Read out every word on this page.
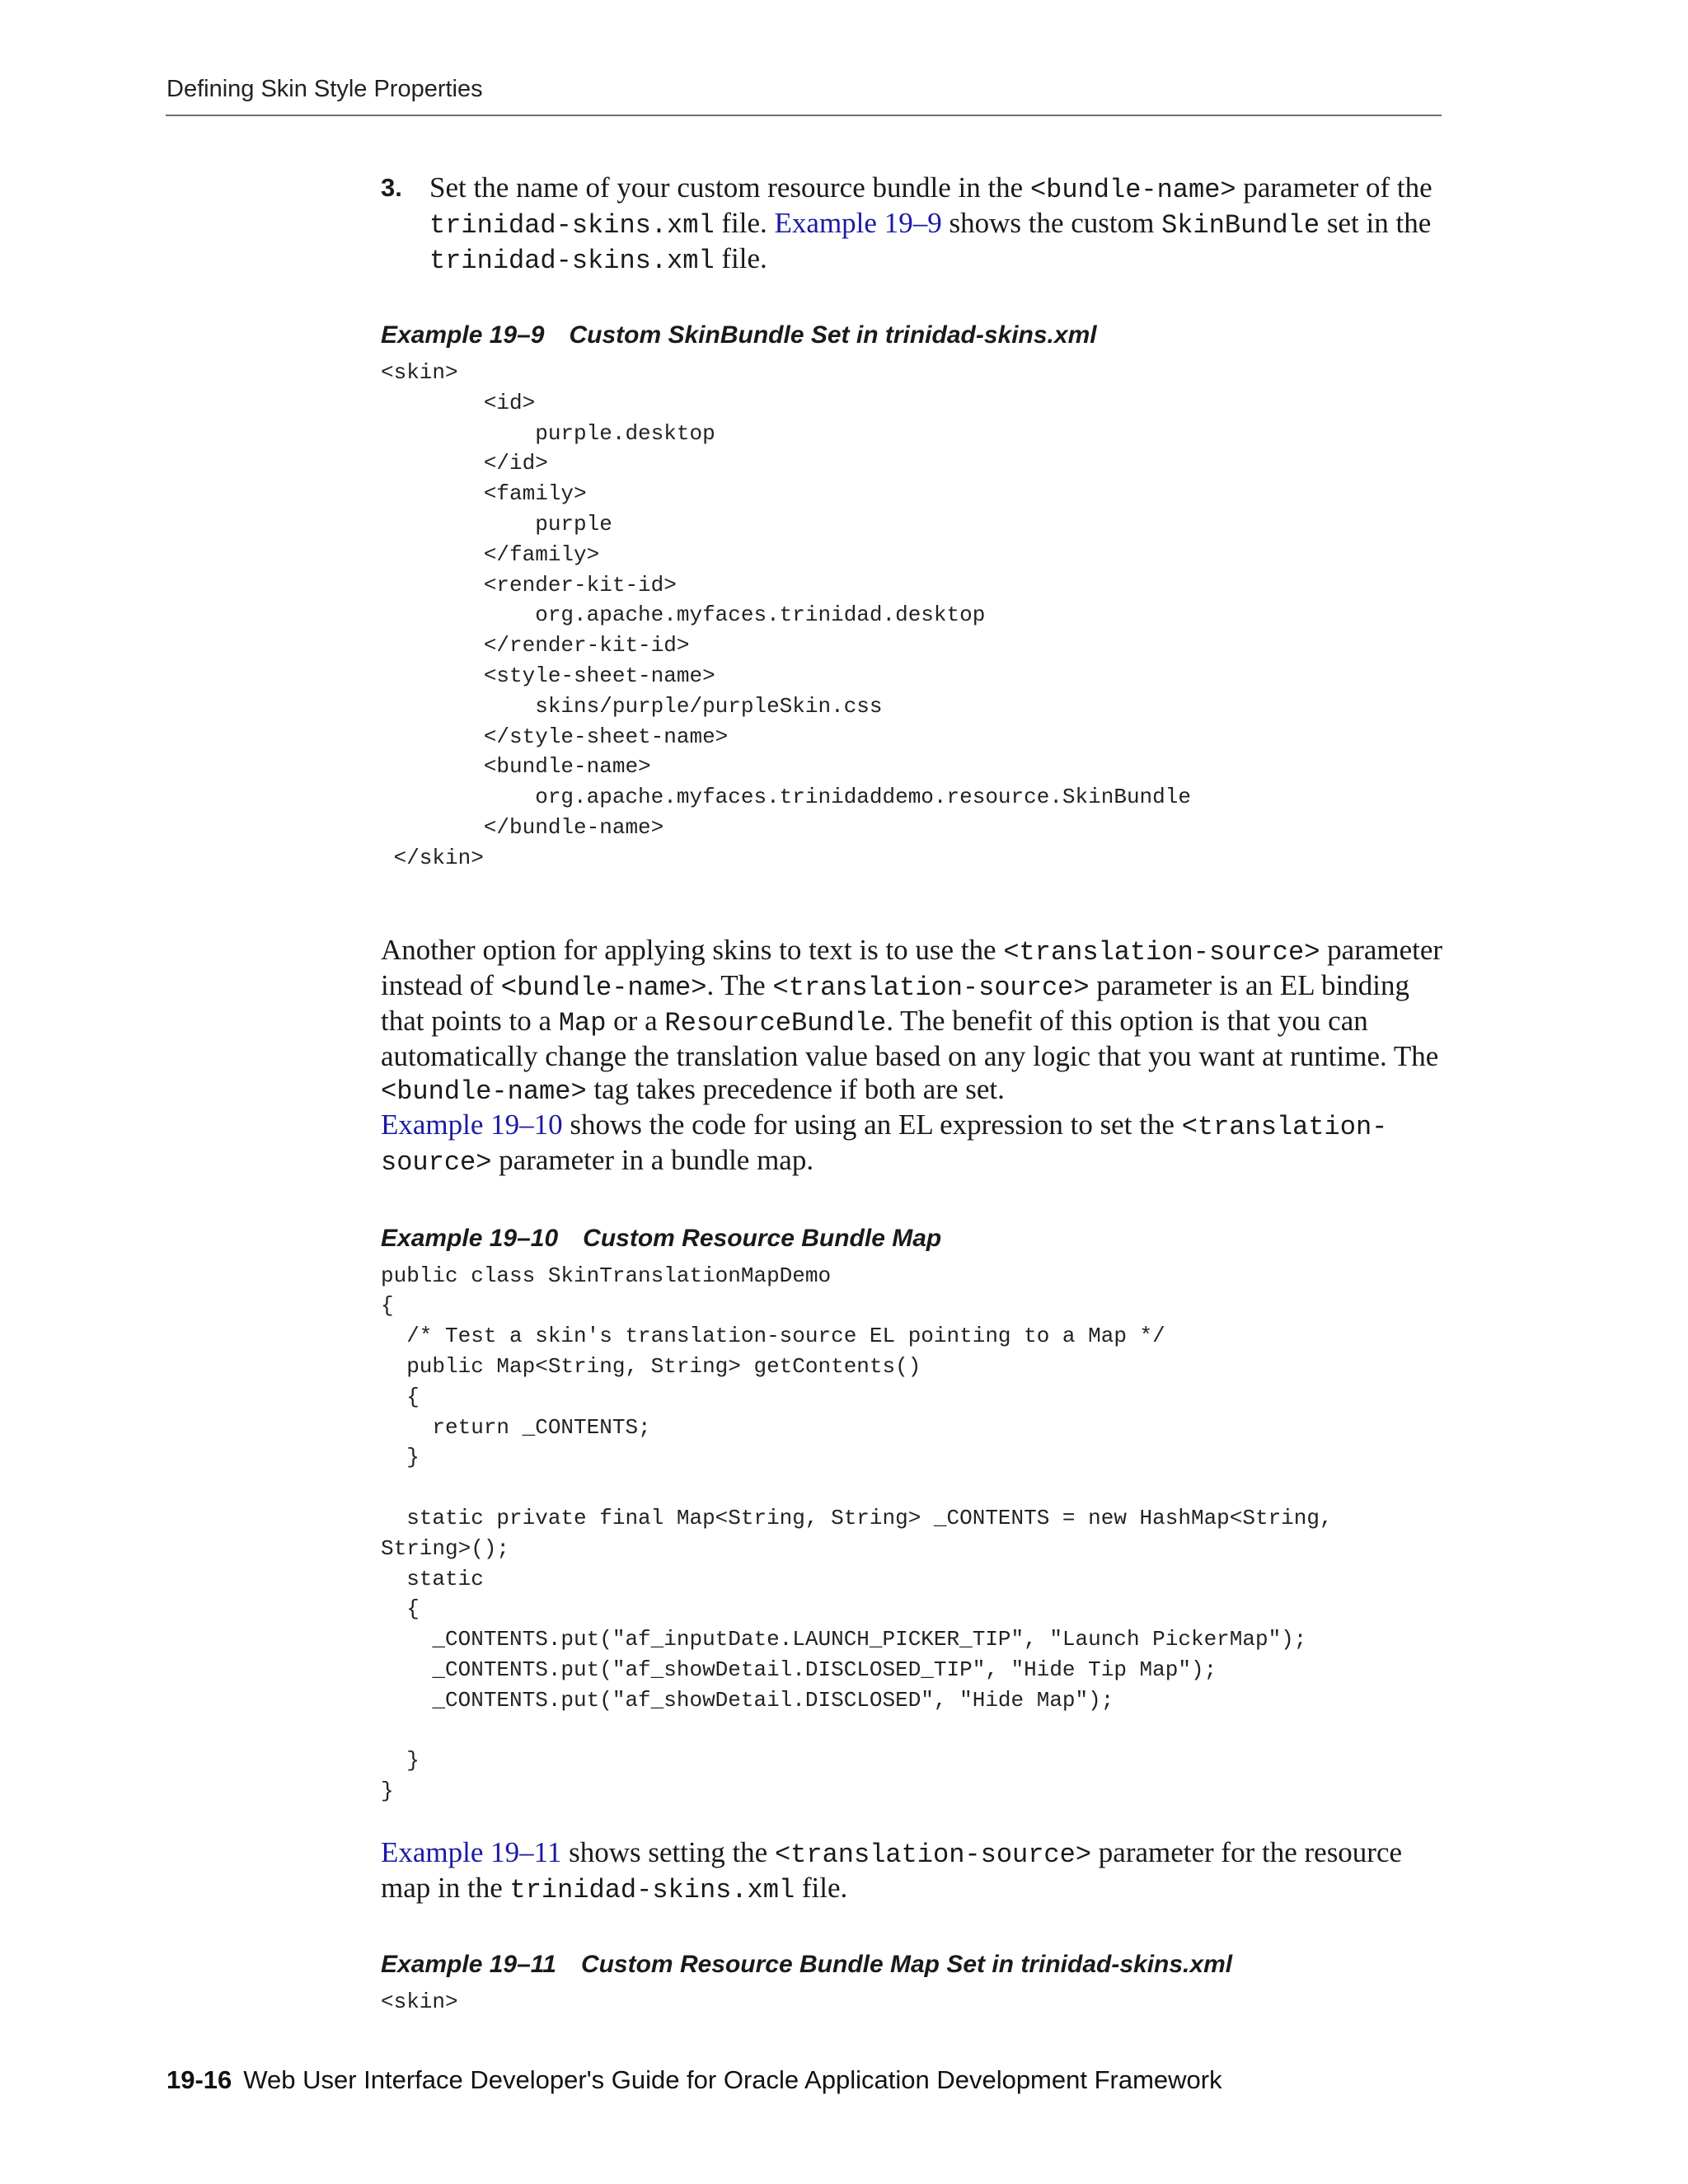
Defining Skin Style Properties
3. Set the name of your custom resource bundle in the <bundle-name> parameter of the trinidad-skins.xml file. Example 19–9 shows the custom SkinBundle set in the trinidad-skins.xml file.

Example 19–9 Custom SkinBundle Set in trinidad-skins.xml

<skin>
<id>
purple.desktop
</id>
<family>
purple
</family>
<render-kit-id>
org.apache.myfaces.trinidad.desktop
</render-kit-id>
<style-sheet-name>
skins/purple/purpleSkin.css
</style-sheet-name>
<bundle-name>
org.apache.myfaces.trinidaddemo.resource.SkinBundle
</bundle-name>
</skin>

Another option for applying skins to text is to use the <translation-source> parameter instead of <bundle-name>. The <translation-source> parameter is an EL binding that points to a Map or a ResourceBundle. The benefit of this option is that you can automatically change the translation value based on any logic that you want at runtime. The <bundle-name> tag takes precedence if both are set.
Example 19–10 shows the code for using an EL expression to set the <translation-source> parameter in a bundle map.

Example 19–10 Custom Resource Bundle Map

public class SkinTranslationMapDemo
{
/* Test a skin's translation-source EL pointing to a Map */
public Map<String, String> getContents()
{
return _CONTENTS;
}

static private final Map<String, String> _CONTENTS = new HashMap<String,
String>();
static
{
_CONTENTS.put("af_inputDate.LAUNCH_PICKER_TIP", "Launch PickerMap");
_CONTENTS.put("af_showDetail.DISCLOSED_TIP", "Hide Tip Map");
_CONTENTS.put("af_showDetail.DISCLOSED", "Hide Map");

}
}

Example 19–11 shows setting the <translation-source> parameter for the resource map in the trinidad-skins.xml file.

Example 19–11 Custom Resource Bundle Map Set in trinidad-skins.xml

<skin>
19-16 Web User Interface Developer's Guide for Oracle Application Development Framework
